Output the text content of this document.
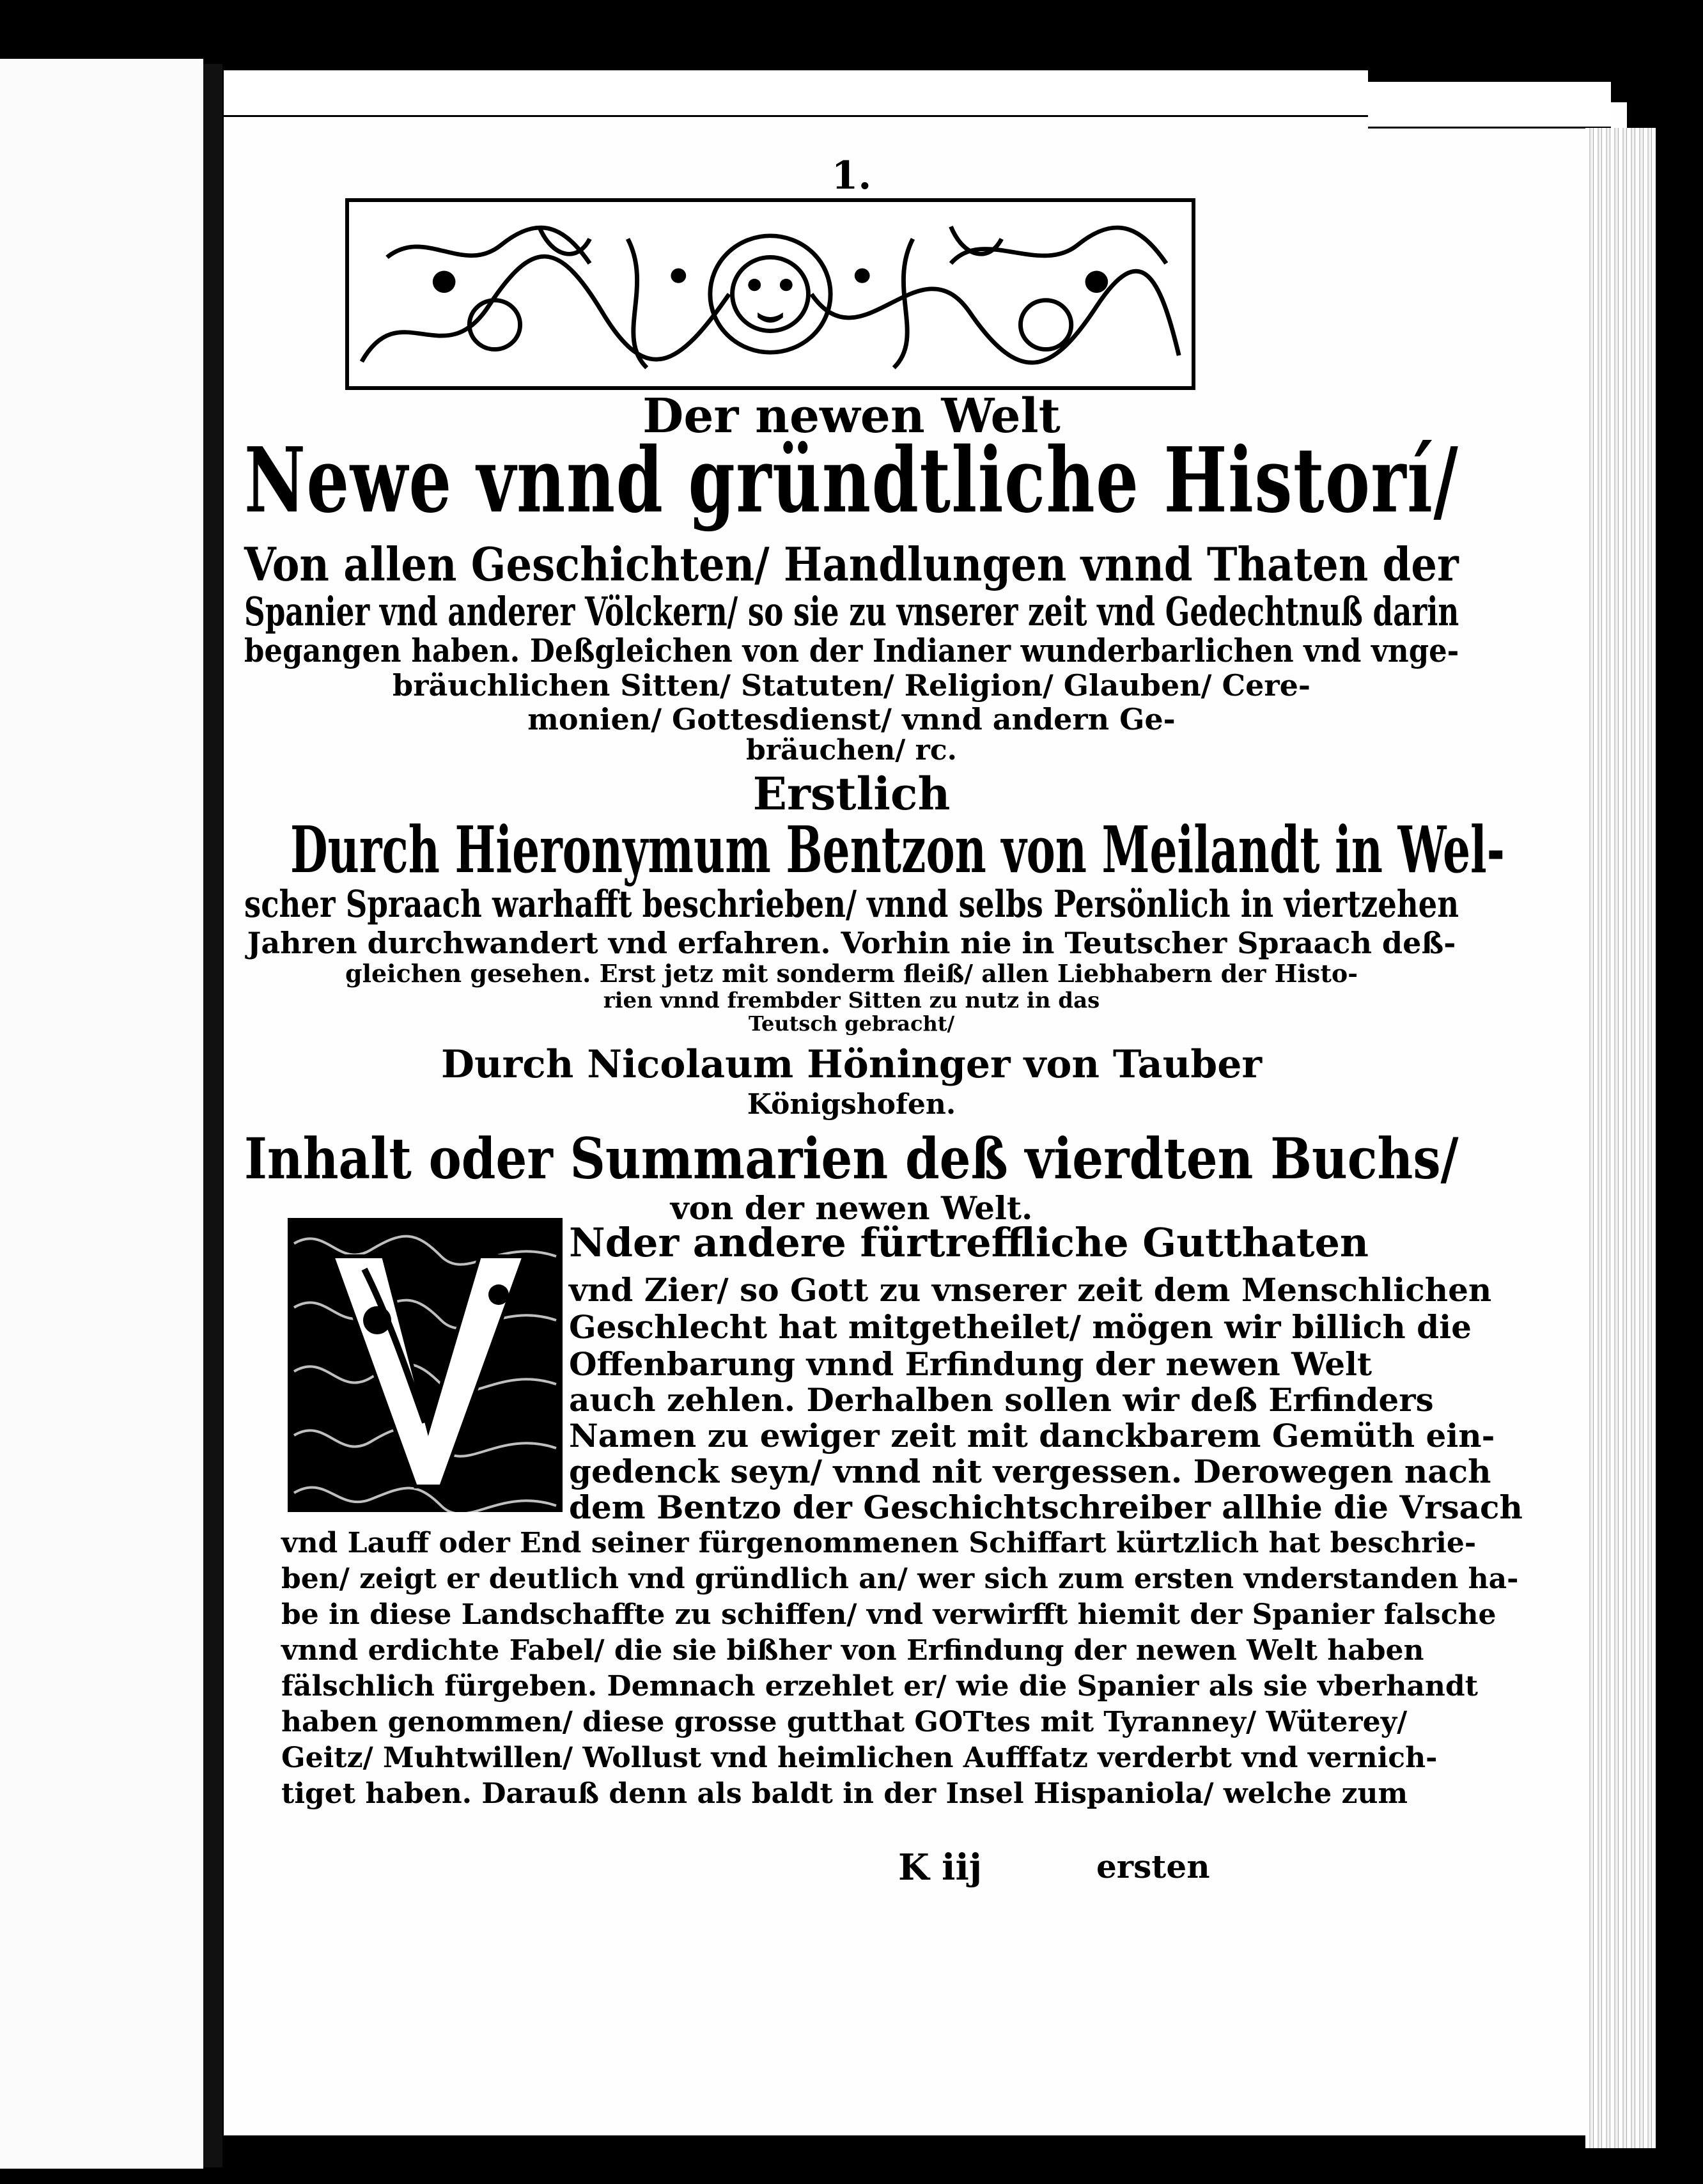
1.
Der newen Welt
Newe vnnd gründtliche Historí/
Von allen Geschichten/ Handlungen vnnd Thaten der
Spanier vnd anderer Völckern/ so sie zu vnserer zeit vnd Gedechtnuß darin
begangen haben. Deßgleichen von der Indianer wunderbarlichen vnd vnge-
bräuchlichen Sitten/ Statuten/ Religion/ Glauben/ Cere-
monien/ Gottesdienst/ vnnd andern Ge-
bräuchen/ rc.
Erstlich
Durch Hieronymum Bentzon von Meilandt in Wel-
scher Spraach warhafft beschrieben/ vnnd selbs Persönlich in viertzehen
Jahren durchwandert vnd erfahren. Vorhin nie in Teutscher Spraach deß-
gleichen gesehen. Erst jetz mit sonderm fleiß/ allen Liebhabern der Histo-
rien vnnd frembder Sitten zu nutz in das
Teutsch gebracht/
Durch Nicolaum Höninger von Tauber
Königshofen.
Inhalt oder Summarien deß vierdten Buchs/
von der newen Welt.
Nder andere fürtreffliche Gutthaten
vnd Zier/ so Gott zu vnserer zeit dem Menschlichen
Geschlecht hat mitgetheilet/ mögen wir billich die
Offenbarung vnnd Erfindung der newen Welt
auch zehlen. Derhalben sollen wir deß Erfinders
Namen zu ewiger zeit mit danckbarem Gemüth ein-
gedenck seyn/ vnnd nit vergessen. Derowegen nach
dem Bentzo der Geschichtschreiber allhie die Vrsach
vnd Lauff oder End seiner fürgenommenen Schiffart kürtzlich hat beschrie-
ben/ zeigt er deutlich vnd gründlich an/ wer sich zum ersten vnderstanden ha-
be in diese Landschaffte zu schiffen/ vnd verwirfft hiemit der Spanier falsche
vnnd erdichte Fabel/ die sie bißher von Erfindung der newen Welt haben
fälschlich fürgeben. Demnach erzehlet er/ wie die Spanier als sie vberhandt
haben genommen/ diese grosse gutthat GOTtes mit Tyranney/ Wüterey/
Geitz/ Muhtwillen/ Wollust vnd heimlichen Aufffatz verderbt vnd vernich-
tiget haben. Darauß denn als baldt in der Insel Hispaniola/ welche zum
K iij	ersten
